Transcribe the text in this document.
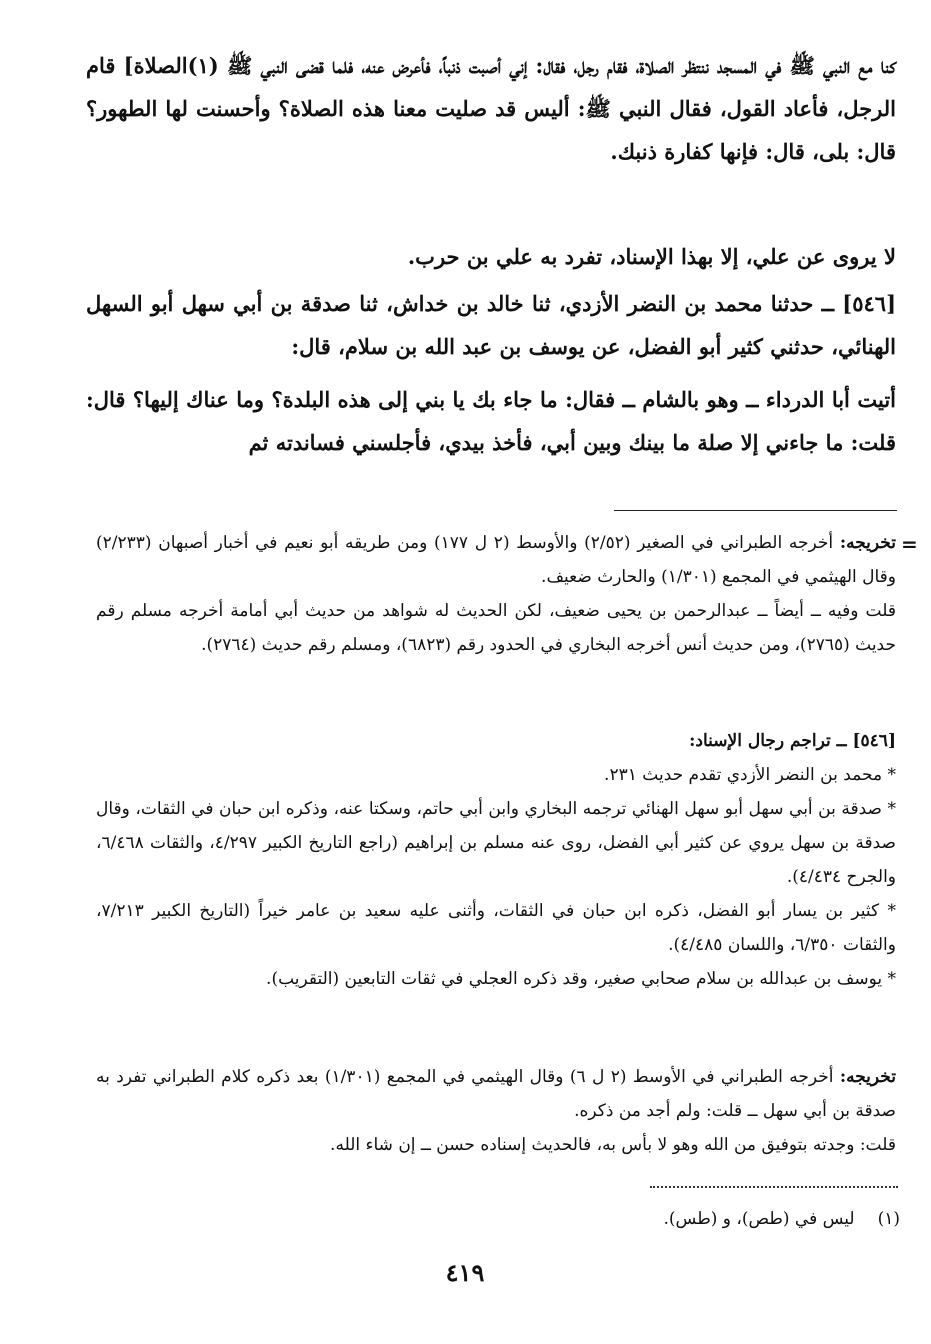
كنا مع النبي ﷺ في المسجد ننتظر الصلاة، فقام رجل، فقال: إني أصبت ذنباً، فأعرض عنه، فلما قضى النبي ﷺ (١)الصلاة] قام الرجل، فأعاد القول، فقال النبي ﷺ: أليس قد صليت معنا هذه الصلاة؟ وأحسنت لها الطهور؟ قال: بلى، قال: فإنها كفارة ذنبك.

لا يروى عن علي، إلا بهذا الإسناد، تفرد به علي بن حرب.

[٥٤٦] ــ حدثنا محمد بن النضر الأزدي، ثنا خالد بن خداش، ثنا صدقة بن أبي سهل أبو السهل الهنائي، حدثني كثير أبو الفضل، عن يوسف بن عبد الله بن سلام، قال:

أتيت أبا الدرداء ــ وهو بالشام ــ فقال: ما جاء بك يا بني إلى هذه البلدة؟ وما عناك إليها؟ قال: قلت: ما جاءني إلا صلة ما بينك وبين أبي، فأخذ بيدي، فأجلسني فساندته ثم

=

تخريجه: أخرجه الطبراني في الصغير (٢/٥٢) والأوسط (٢ ل ١٧٧) ومن طريقه أبو نعيم في أخبار أصبهان (٢/٢٣٣) وقال الهيثمي في المجمع (١/٣٠١) والحارث ضعيف.

قلت وفيه ــ أيضاً ــ عبدالرحمن بن يحيى ضعيف، لكن الحديث له شواهد من حديث أبي أمامة أخرجه مسلم رقم حديث (٢٧٦٥)، ومن حديث أنس أخرجه البخاري في الحدود رقم (٦٨٢٣)، ومسلم رقم حديث (٢٧٦٤).

[٥٤٦] ــ تراجم رجال الإسناد:

* محمد بن النضر الأزدي تقدم حديث ٢٣١.

* صدقة بن أبي سهل أبو سهل الهنائي ترجمه البخاري وابن أبي حاتم، وسكتا عنه، وذكره ابن حبان في الثقات، وقال صدقة بن سهل يروي عن كثير أبي الفضل، روى عنه مسلم بن إبراهيم (راجع التاريخ الكبير ٤/٢٩٧، والثقات ٦/٤٦٨، والجرح ٤/٤٣٤).

* كثير بن يسار أبو الفضل، ذكره ابن حبان في الثقات، وأثنى عليه سعيد بن عامر خيراً (التاريخ الكبير ٧/٢١٣، والثقات ٦/٣٥٠، واللسان ٤/٤٨٥).

* يوسف بن عبدالله بن سلام صحابي صغير، وقد ذكره العجلي في ثقات التابعين (التقريب).

تخريجه: أخرجه الطبراني في الأوسط (٢ ل ٦) وقال الهيثمي في المجمع (١/٣٠١) بعد ذكره كلام الطبراني تفرد به صدقة بن أبي سهل ــ قلت: ولم أجد من ذكره.

قلت: وجدته بتوفيق من الله وهو لا بأس به، فالحديث إسناده حسن ــ إن شاء الله.

(١) ليس في (طص)، و (طس).
٤١٩
